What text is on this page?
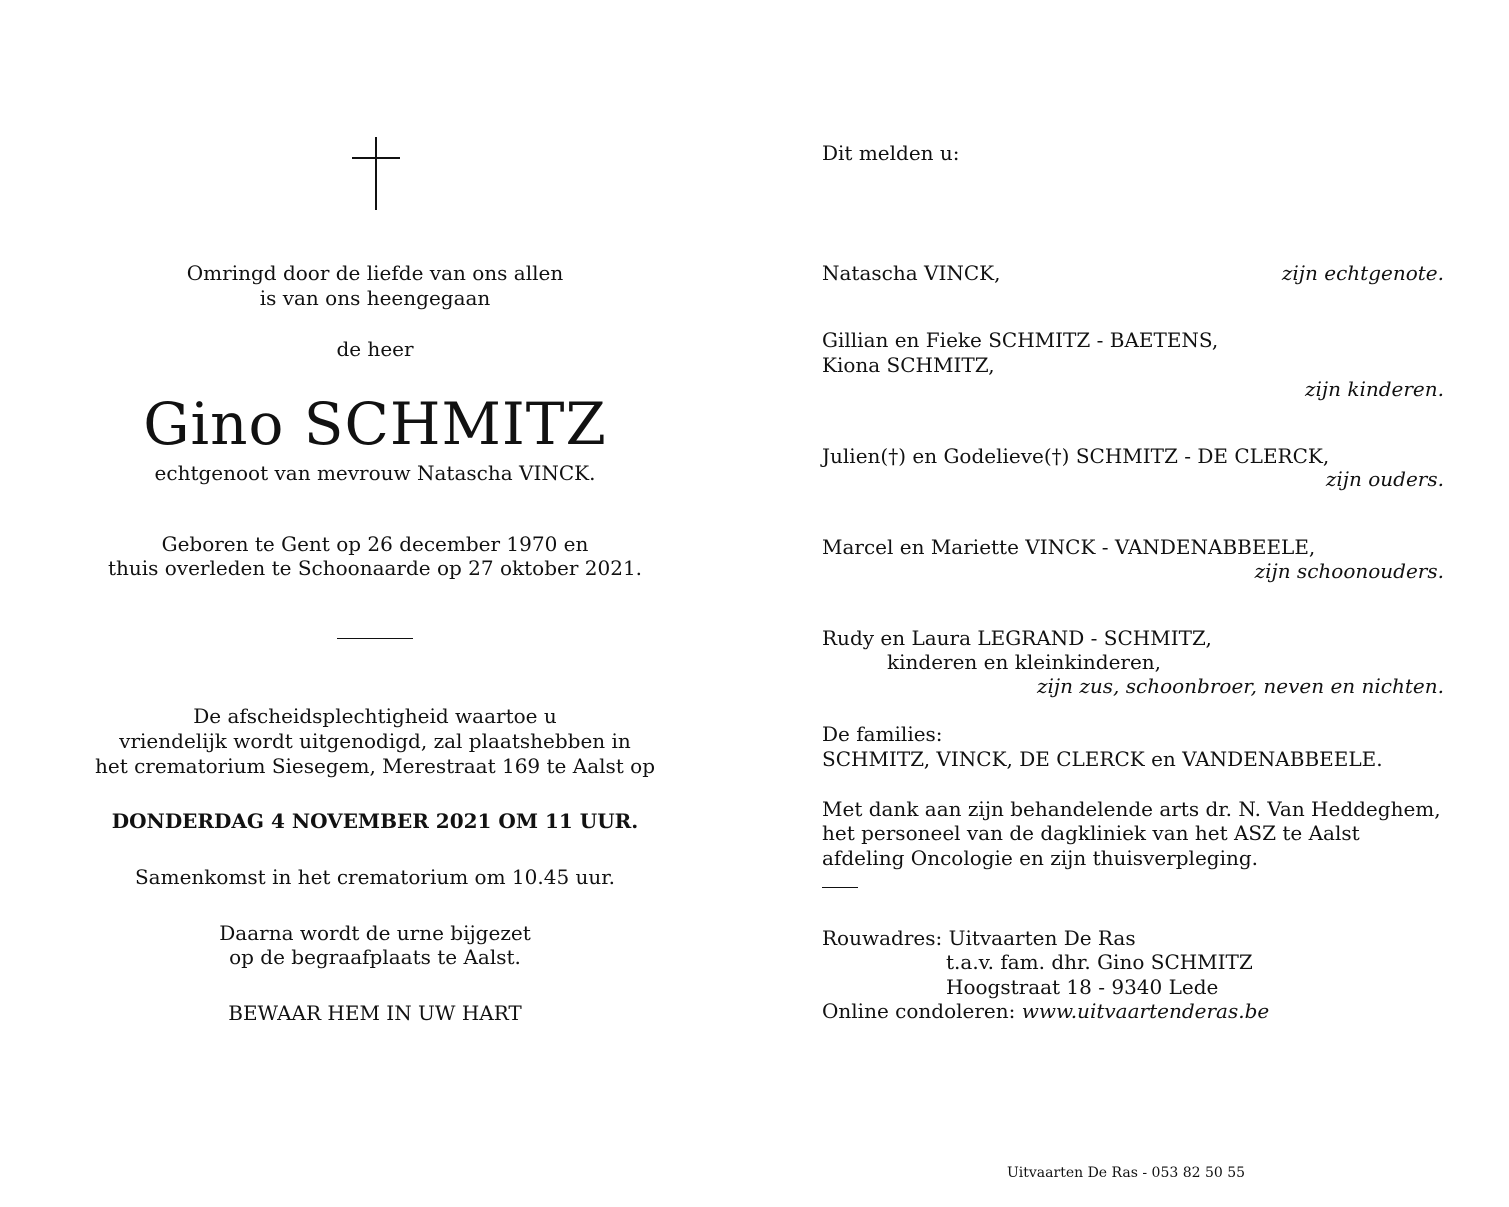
Omringd door de liefde van ons allen
is van ons heengegaan
de heer
Gino SCHMITZ
echtgenoot van mevrouw Natascha VINCK.
Geboren te Gent op 26 december 1970 en
thuis overleden te Schoonaarde op 27 oktober 2021.
De afscheidsplechtigheid waartoe u
vriendelijk wordt uitgenodigd, zal plaatshebben in
het crematorium Siesegem, Merestraat 169 te Aalst op
DONDERDAG 4 NOVEMBER 2021 OM 11 UUR.
Samenkomst in het crematorium om 10.45 uur.
Daarna wordt de urne bijgezet
op de begraafplaats te Aalst.
BEWAAR HEM IN UW HART
Dit melden u:
Natascha VINCK,	zijn echtgenote.
Gillian en Fieke SCHMITZ - BAETENS,
Kiona SCHMITZ,
zijn kinderen.
Julien(†) en Godelieve(†) SCHMITZ - DE CLERCK,
zijn ouders.
Marcel en Mariette VINCK - VANDENABBEELE,
zijn schoonouders.
Rudy en Laura LEGRAND - SCHMITZ,
kinderen en kleinkinderen,
zijn zus, schoonbroer, neven en nichten.
De families:
SCHMITZ, VINCK, DE CLERCK en VANDENABBEELE.
Met dank aan zijn behandelende arts dr. N. Van Heddeghem,
het personeel van de dagkliniek van het ASZ te Aalst
afdeling Oncologie en zijn thuisverpleging.
Rouwadres: Uitvaarten De Ras
t.a.v. fam. dhr. Gino SCHMITZ
Hoogstraat 18 - 9340 Lede
Online condoleren: www.uitvaartenderas.be
Uitvaarten De Ras - 053 82 50 55
